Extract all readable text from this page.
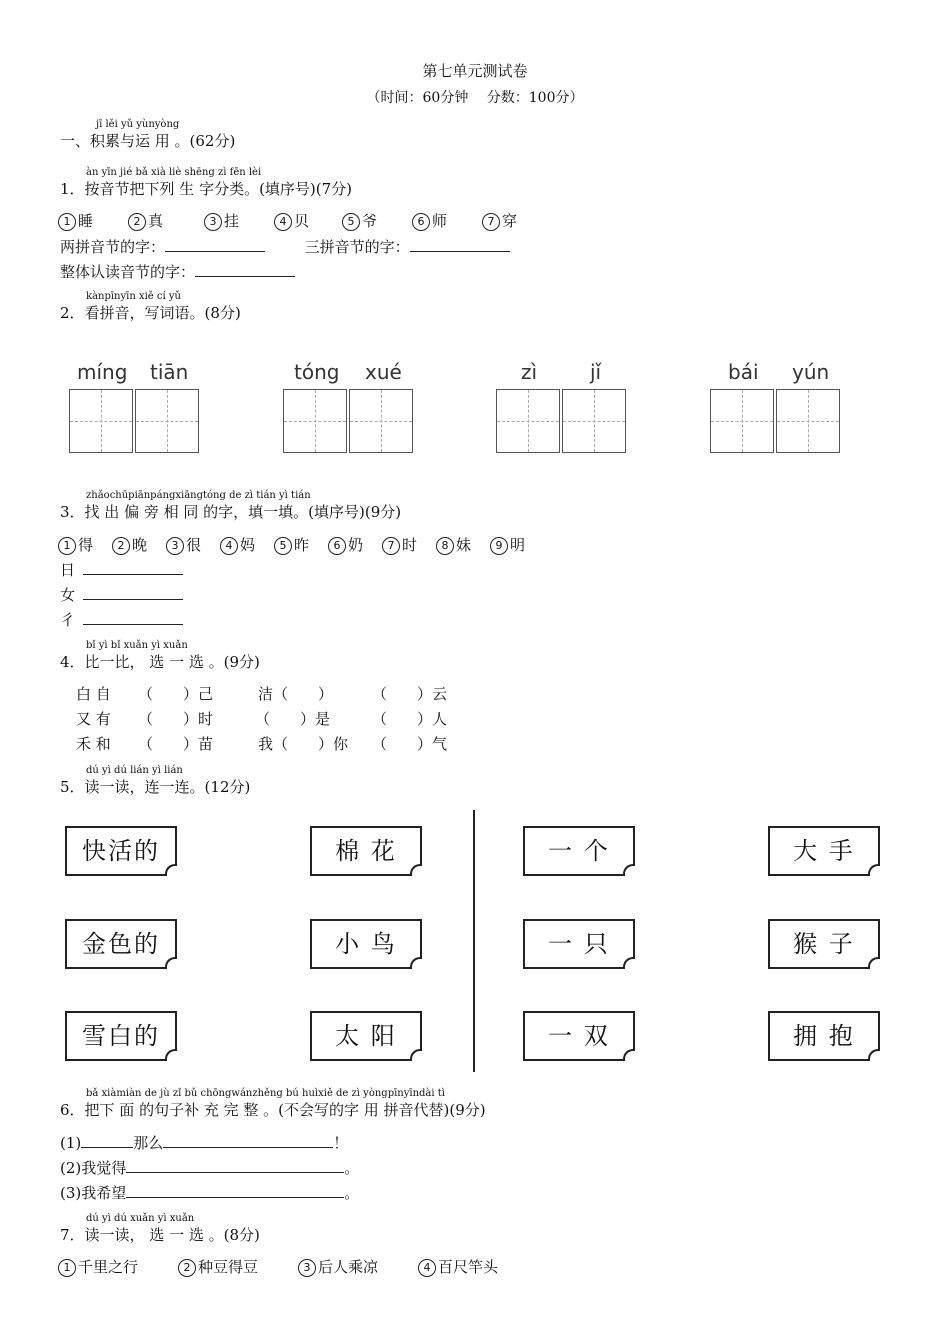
第七单元测试卷
（时间：60分钟　 分数：100分）
jī lěi yǔ yùnyòng
一、积累与运 用 。(62分)
àn yīn jié bǎ xià liè shēng zì fēn lèi
1．按音节把下列 生 字分类。(填序号)(7分)
1 睡	2 真	3 挂	4 贝	5 爷	6 师	7 穿
两拼音节的字：	三拼音节的字：
整体认读音节的字：
kànpīnyīn xiě cí yǔ
2．看拼音，写词语。(8分)
míng tiān	tóng xué	zì	jǐ	bái yún
zhǎochūpiānpángxiāngtóng de zì tián yì tián
3．找 出 偏 旁 相 同 的字，填一填。(填序号)(9分)
1 得 2 晚 3 很 4 妈 5 昨 6 奶 7 时 8 妹 9 明
日
女
彳
bǐ yì bǐ xuǎn yì xuǎn
4．比一比， 选 一 选 。(9分)
白 自 （　　）己	洁（　　）	（　　）云
又 有 （　　）时	（　　）是	（　　）人
禾 和 （　　）苗	我（　　）你 （　　）气
dú yì dú lián yì lián
5．读一读，连一连。(12分)
快活的
金色的
雪白的
棉 花
小 鸟
太 阳
一 个
一 只
一 双
大 手
猴 子
拥 抱
bǎ xiàmiàn de jù zǐ bǔ chōngwánzhěng bú huìxiě de zì yòngpīnyīndài tì
6．把下 面 的句子补 充 完 整 。(不会写的字 用 拼音代替)(9分)
(1)	那么	！
(2)我觉得	。
(3)我希望	。
dú yì dú xuǎn yì xuǎn
7．读一读， 选 一 选 。(8分)
1 千里之行	2 种豆得豆	3 后人乘凉	4 百尺竿头
